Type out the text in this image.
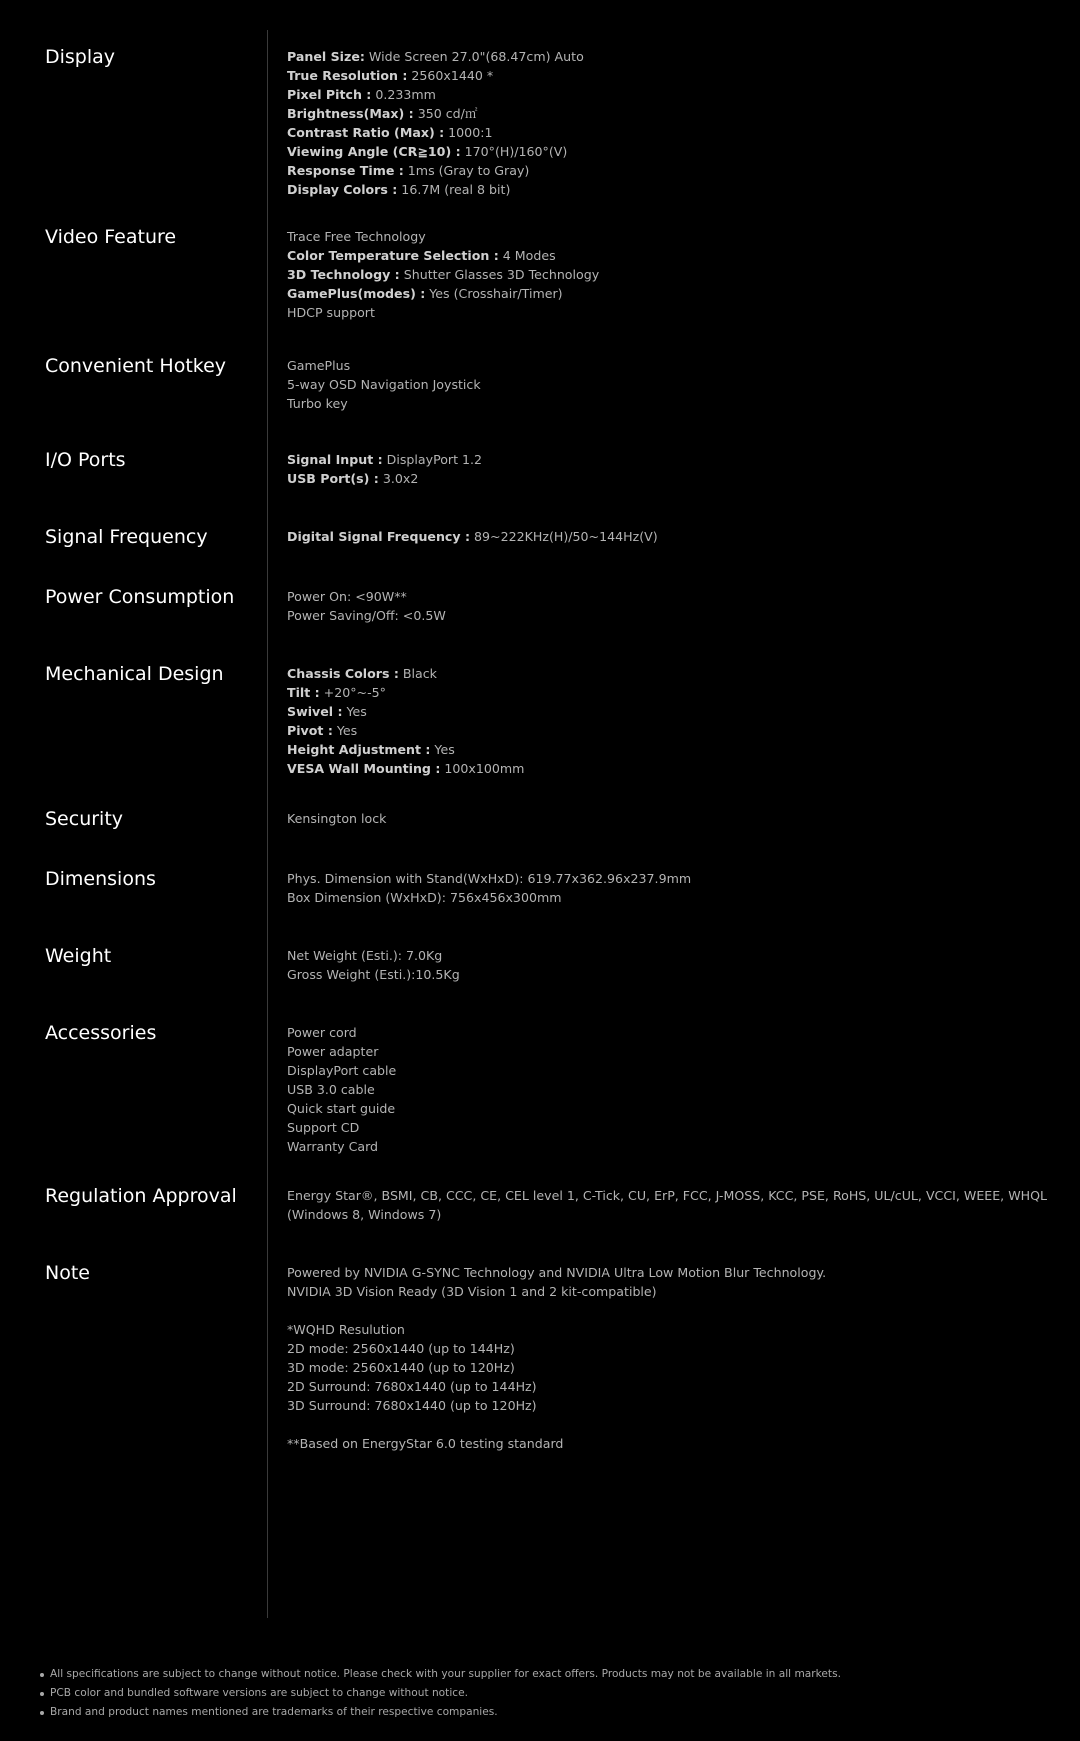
Display	Panel Size: Wide Screen 27.0"(68.47cm) Auto
True Resolution : 2560x1440 *
Pixel Pitch : 0.233mm
Brightness(Max) : 350 cd/㎡
Contrast Ratio (Max) : 1000:1
Viewing Angle (CR≧10) : 170°(H)/160°(V)
Response Time : 1ms (Gray to Gray)
Display Colors : 16.7M (real 8 bit)
Video Feature	Trace Free Technology
Color Temperature Selection : 4 Modes
3D Technology : Shutter Glasses 3D Technology
GamePlus(modes) : Yes (Crosshair/Timer)
HDCP support
Convenient Hotkey	GamePlus
5-way OSD Navigation Joystick
Turbo key
I/O Ports	Signal Input : DisplayPort 1.2
USB Port(s) : 3.0x2
Signal Frequency	Digital Signal Frequency : 89~222KHz(H)/50~144Hz(V)
Power Consumption	Power On: <90W**
Power Saving/Off: <0.5W
Mechanical Design	Chassis Colors : Black
Tilt : +20°~-5°
Swivel : Yes
Pivot : Yes
Height Adjustment : Yes
VESA Wall Mounting : 100x100mm
Security	Kensington lock
Dimensions	Phys. Dimension with Stand(WxHxD): 619.77x362.96x237.9mm
Box Dimension (WxHxD): 756x456x300mm
Weight	Net Weight (Esti.): 7.0Kg
Gross Weight (Esti.):10.5Kg
Accessories	Power cord
Power adapter
DisplayPort cable
USB 3.0 cable
Quick start guide
Support CD
Warranty Card
Regulation Approval	Energy Star®, BSMI, CB, CCC, CE, CEL level 1, C-Tick, CU, ErP, FCC, J-MOSS, KCC, PSE, RoHS, UL/cUL, VCCI, WEEE, WHQL (Windows 8, Windows 7)
Note	Powered by NVIDIA G-SYNC Technology and NVIDIA Ultra Low Motion Blur Technology.
NVIDIA 3D Vision Ready (3D Vision 1 and 2 kit-compatible)
*WQHD Resulution
2D mode: 2560x1440 (up to 144Hz)
3D mode: 2560x1440 (up to 120Hz)
2D Surround: 7680x1440 (up to 144Hz)
3D Surround: 7680x1440 (up to 120Hz)
**Based on EnergyStar 6.0 testing standard
All specifications are subject to change without notice. Please check with your supplier for exact offers. Products may not be available in all markets.
PCB color and bundled software versions are subject to change without notice.
Brand and product names mentioned are trademarks of their respective companies.
